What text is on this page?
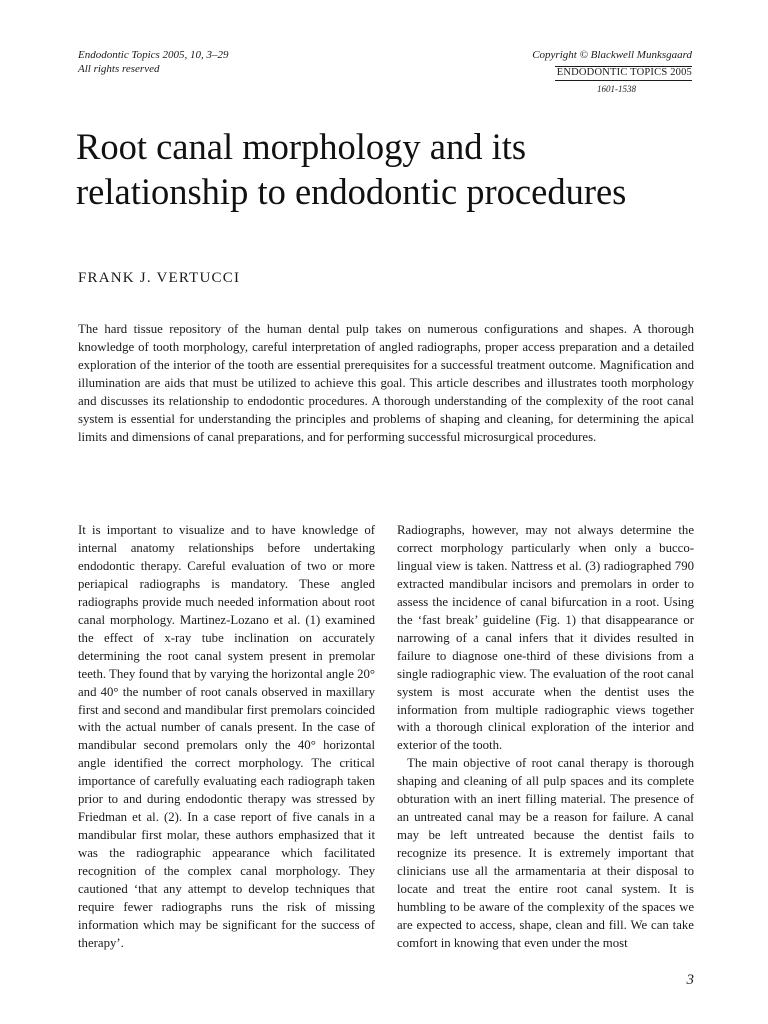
Endodontic Topics 2005, 10, 3–29
All rights reserved
Copyright © Blackwell Munksgaard
ENDODONTIC TOPICS 2005
1601-1538
Root canal morphology and its relationship to endodontic procedures
FRANK J. VERTUCCI

The hard tissue repository of the human dental pulp takes on numerous configurations and shapes. A thorough knowledge of tooth morphology, careful interpretation of angled radiographs, proper access preparation and a detailed exploration of the interior of the tooth are essential prerequisites for a successful treatment outcome. Magnification and illumination are aids that must be utilized to achieve this goal. This article describes and illustrates tooth morphology and discusses its relationship to endodontic procedures. A thorough understanding of the complexity of the root canal system is essential for understanding the principles and problems of shaping and cleaning, for determining the apical limits and dimensions of canal preparations, and for performing successful microsurgical procedures.

It is important to visualize and to have knowledge of internal anatomy relationships before undertaking endodontic therapy. Careful evaluation of two or more periapical radiographs is mandatory. These angled radiographs provide much needed information about root canal morphology. Martinez-Lozano et al. (1) examined the effect of x-ray tube inclination on accurately determining the root canal system present in premolar teeth. They found that by varying the horizontal angle 20° and 40° the number of root canals observed in maxillary first and second and mandibular first premolars coincided with the actual number of canals present. In the case of mandibular second premolars only the 40° horizontal angle identified the correct morphology. The critical importance of carefully evaluating each radiograph taken prior to and during endodontic therapy was stressed by Friedman et al. (2). In a case report of five canals in a mandibular first molar, these authors emphasized that it was the radiographic appearance which facilitated recognition of the complex canal morphology. They cautioned ‘that any attempt to develop techniques that require fewer radiographs runs the risk of missing information which may be significant for the success of therapy’.

Radiographs, however, may not always determine the correct morphology particularly when only a bucco-lingual view is taken. Nattress et al. (3) radiographed 790 extracted mandibular incisors and premolars in order to assess the incidence of canal bifurcation in a root. Using the ‘fast break’ guideline (Fig. 1) that disappearance or narrowing of a canal infers that it divides resulted in failure to diagnose one-third of these divisions from a single radiographic view. The evaluation of the root canal system is most accurate when the dentist uses the information from multiple radiographic views together with a thorough clinical exploration of the interior and exterior of the tooth.

The main objective of root canal therapy is thorough shaping and cleaning of all pulp spaces and its complete obturation with an inert filling material. The presence of an untreated canal may be a reason for failure. A canal may be left untreated because the dentist fails to recognize its presence. It is extremely important that clinicians use all the armamentaria at their disposal to locate and treat the entire root canal system. It is humbling to be aware of the complexity of the spaces we are expected to access, shape, clean and fill. We can take comfort in knowing that even under the most

3
